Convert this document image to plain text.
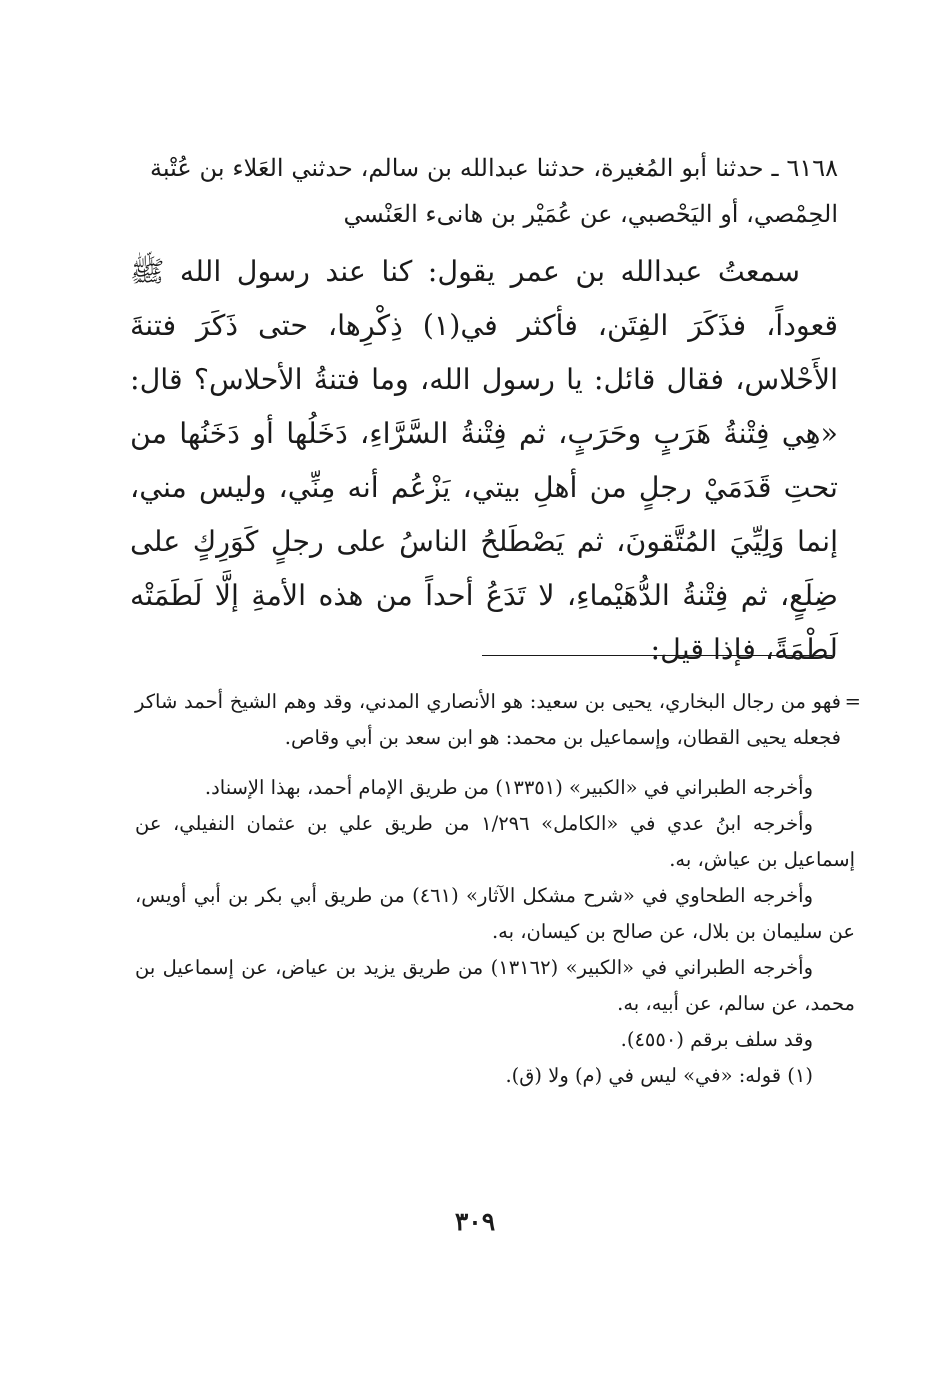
٦١٦٨ ـ حدثنا أبو المُغيرة، حدثنا عبدالله بن سالم، حدثني العَلاء بن عُتْبة الحِمْصي، أو اليَحْصبي، عن عُمَيْر بن هانىء العَنْسي

سمعتُ عبدالله بن عمر يقول: كنا عند رسول الله ﷺ قعوداً، فذَكَرَ الفِتَن، فأكثر في(١) ذِكْرِها، حتى ذَكَرَ فتنةَ الأَحْلاس، فقال قائل: يا رسول الله، وما فتنةُ الأحلاس؟ قال: «هِي فِتْنةُ هَرَبٍ وحَرَبٍ، ثم فِتْنةُ السَّرَّاءِ، دَخَلُها أو دَخَنُها من تحتِ قَدَمَيْ رجلٍ من أهلِ بيتي، يَزْعُم أنه مِنِّي، وليس مني، إنما وَلِيِّيَ المُتَّقونَ، ثم يَصْطَلحُ الناسُ على رجلٍ كَوَرِكٍ على ضِلَعٍ، ثم فِتْنةُ الدُّهَيْماءِ، لا تَدَعُ أحداً من هذه الأمةِ إلَّا لَطَمَتْه لَطْمَةً، فإذا قيل:

=
فهو من رجال البخاري، يحيى بن سعيد: هو الأنصاري المدني، وقد وهم الشيخ أحمد شاكر فجعله يحيى القطان، وإسماعيل بن محمد: هو ابن سعد بن أبي وقاص.

وأخرجه الطبراني في «الكبير» (١٣٣٥١) من طريق الإمام أحمد، بهذا الإسناد.

وأخرجه ابنُ عدي في «الكامل» ١/٢٩٦ من طريق علي بن عثمان النفيلي، عن إسماعيل بن عياش، به.

وأخرجه الطحاوي في «شرح مشكل الآثار» (٤٦١) من طريق أبي بكر بن أبي أويس، عن سليمان بن بلال، عن صالح بن كيسان، به.

وأخرجه الطبراني في «الكبير» (١٣١٦٢) من طريق يزيد بن عياض، عن إسماعيل بن محمد، عن سالم، عن أبيه، به.

وقد سلف برقم (٤٥٥٠).

(١) قوله: «في» ليس في (م) ولا (ق).

٣٠٩
